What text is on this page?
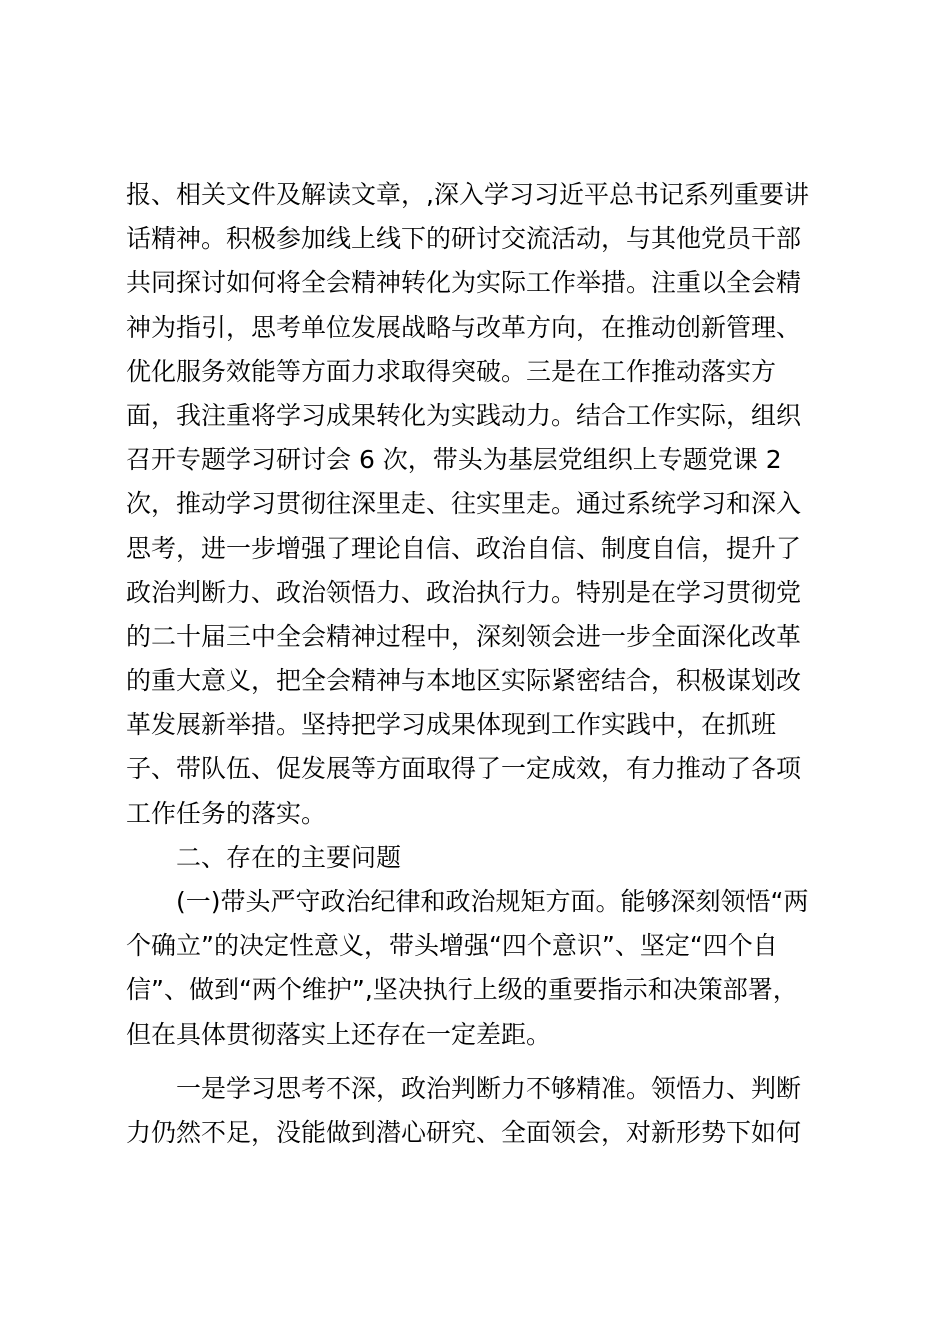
报、相关文件及解读文章，,深入学习习近平总书记系列重要讲
话精神。积极参加线上线下的研讨交流活动，与其他党员干部
共同探讨如何将全会精神转化为实际工作举措。注重以全会精
神为指引，思考单位发展战略与改革方向，在推动创新管理、
优化服务效能等方面力求取得突破。三是在工作推动落实方
面，我注重将学习成果转化为实践动力。结合工作实际，组织
召开专题学习研讨会 6 次，带头为基层党组织上专题党课 2
次，推动学习贯彻往深里走、往实里走。通过系统学习和深入
思考，进一步增强了理论自信、政治自信、制度自信，提升了
政治判断力、政治领悟力、政治执行力。特别是在学习贯彻党
的二十届三中全会精神过程中，深刻领会进一步全面深化改革
的重大意义，把全会精神与本地区实际紧密结合，积极谋划改
革发展新举措。坚持把学习成果体现到工作实践中，在抓班
子、带队伍、促发展等方面取得了一定成效，有力推动了各项
工作任务的落实。
二、存在的主要问题
(一)带头严守政治纪律和政治规矩方面。能够深刻领悟“两
个确立”的决定性意义，带头增强“四个意识”、坚定“四个自
信”、做到“两个维护”,坚决执行上级的重要指示和决策部署，
但在具体贯彻落实上还存在一定差距。
一是学习思考不深，政治判断力不够精准。领悟力、判断
力仍然不足，没能做到潜心研究、全面领会，对新形势下如何
